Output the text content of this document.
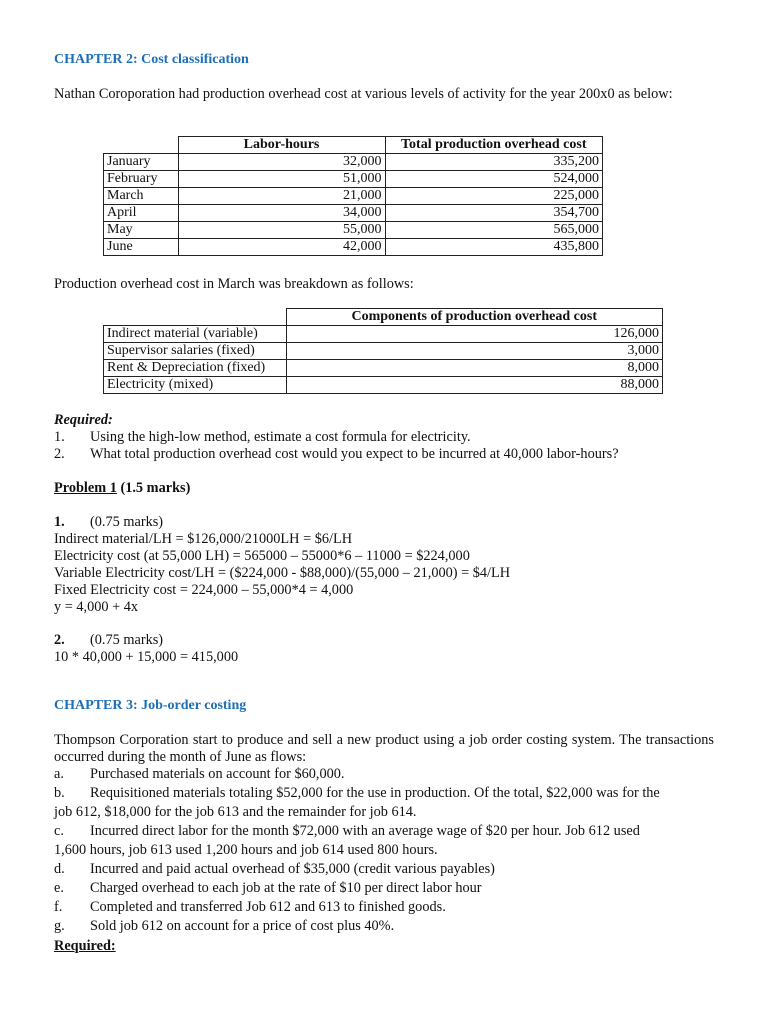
CHAPTER 2: Cost classification
Nathan Coroporation had production overhead cost at various levels of activity for the year 200x0 as below:
	Labor-hours	Total production overhead cost
January	32,000	335,200
February	51,000	524,000
March	21,000	225,000
April	34,000	354,700
May	55,000	565,000
June	42,000	435,800
Production overhead cost in March was breakdown as follows:
	Components of production overhead cost
Indirect material (variable)	126,000
Supervisor salaries (fixed)	3,000
Rent & Depreciation (fixed)	8,000
Electricity (mixed)	88,000
Required:
1. Using the high-low method, estimate a cost formula for electricity.
2. What total production overhead cost would you expect to be incurred at 40,000 labor-hours?
Problem 1 (1.5 marks)
1. (0.75 marks)
Indirect material/LH = $126,000/21000LH = $6/LH
Electricity cost (at 55,000 LH) = 565000 – 55000*6 – 11000 = $224,000
Variable Electricity cost/LH = ($224,000 - $88,000)/(55,000 – 21,000) = $4/LH
Fixed Electricity cost = 224,000 – 55,000*4 = 4,000
y = 4,000 + 4x
2. (0.75 marks)
10 * 40,000 + 15,000 = 415,000
CHAPTER 3: Job-order costing
Thompson Corporation start to produce and sell a new product using a job order costing system. The transactions occurred during the month of June as flows:
a. Purchased materials on account for $60,000.
b. Requisitioned materials totaling $52,000 for the use in production. Of the total, $22,000 was for the
job 612, $18,000 for the job 613 and the remainder for job 614.
c. Incurred direct labor for the month $72,000 with an average wage of $20 per hour. Job 612 used
1,600 hours, job 613 used 1,200 hours and job 614 used 800 hours.
d. Incurred and paid actual overhead of $35,000 (credit various payables)
e. Charged overhead to each job at the rate of $10 per direct labor hour
f. Completed and transferred Job 612 and 613 to finished goods.
g. Sold job 612 on account for a price of cost plus 40%.
Required:
